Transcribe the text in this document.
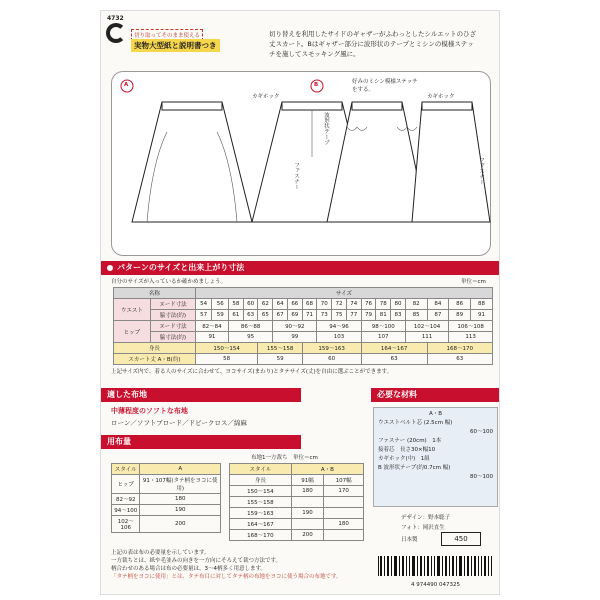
4732
切り取ってそのまま使える
実物大型紙と説明書つき
切り替えを利用したサイドのギャザーがふわっとしたシルエットのひざ丈スカート。Bはギャザー部分に波形状のテープとミシンの模様ステッチを施してスモッキング風に。
A	B
カギホック
ファスナー
好みのミシン模様ステッチをする。
カギホック
波形状テープ
ファスナー
パターンのサイズと出来上がり寸法
自分のサイズが入っているか確かめましょう。	単位＝cm
名称		サイズ																	
ウエスト	ヌード寸法	54	56	58	60	62	64	66	68	70	72	74	76	78	80	82	84	86	88
	脇寸法(約)	57	59	61	63	65	67	69	71	73	75	77	79	81	83	85	87	89	91
ヒップ	ヌード寸法	82～84		86～88			90～92			94～96			98～100			102～104		106～108	
	脇寸法(約)	91		95			99			103			107			111		113	
身長		150～154				155～158			159～163				164～167				168～170		
スカート丈 A・B(約)		58				59			60				63				63		
上記サイズ内で、着る人のサイズに合わせて、ヨコサイズ(まわり)とタテサイズ(丈)を自由に選ぶことができます。
適した布地
中薄程度のソフトな布地
ローン／ソフトブロード／ドビークロス／綿麻
必要な材料
A・B
ウエストベルト芯 (2.5cm 幅)
60～100
ファスナー (20cm)　1本
接着芯　長さ30×幅10
カギホック(中)　1組
B 波形状テープ(約0.7cm 幅)
80～100
用布量
布地1一方裁ち　単位＝cm
スタイル	A
ヒップ	91・107幅(タテ柄をヨコに使用)
82～92	180
94～100	190
102～106	200
スタイル	A・B	
身長	91幅	107幅
150～154	180	170
155～158		
159～163	190	
164～167		180
168～170	200	
上記の表は布の必要量を示しています。
一方裁ちとは、紙や毛並みの向きを一方向にそろえて裁つ方法です。
柄合わせのある場合は布の必要量は、3～4柄多く用意します。
「タテ柄をヨコに使用」とは、タテ布目に対してタテ柄の布地をヨコに使う場合の布地です。
デザイン：野本聡子
フォト：岡沢直生
日本製	450
4 974490 047325
